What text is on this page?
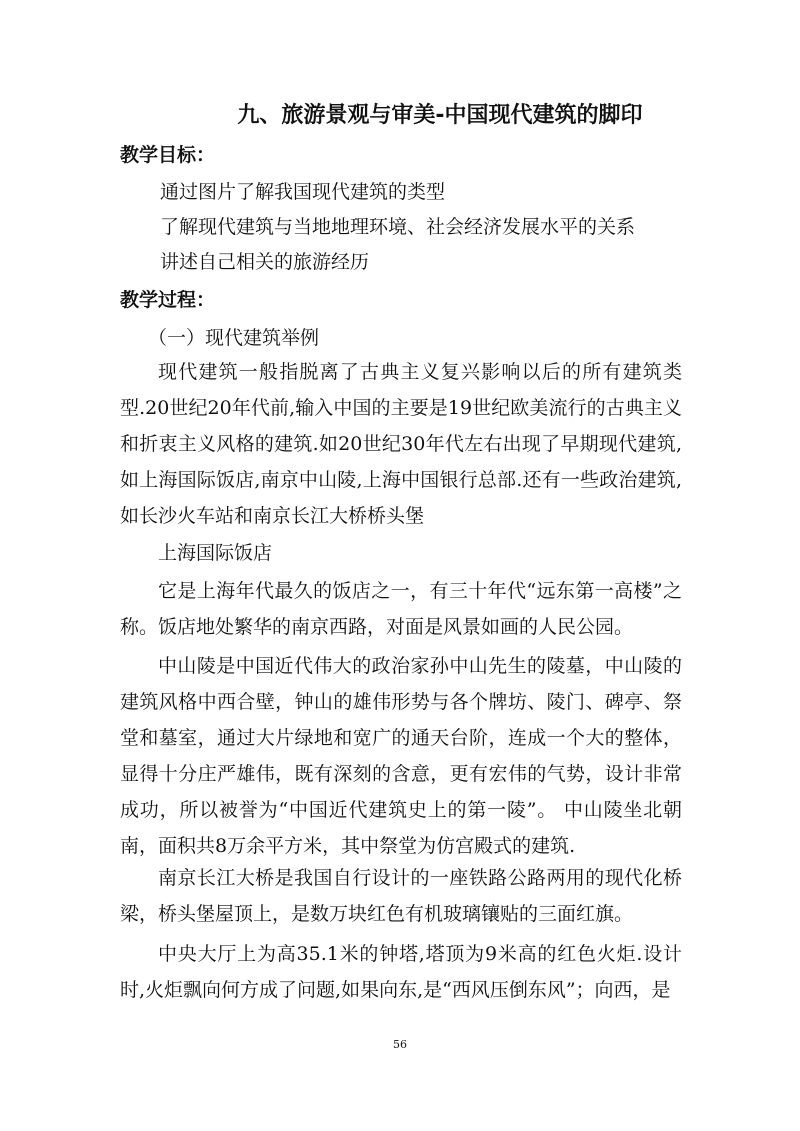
九、旅游景观与审美-中国现代建筑的脚印
教学目标：
通过图片了解我国现代建筑的类型
了解现代建筑与当地地理环境、社会经济发展水平的关系
讲述自己相关的旅游经历
教学过程：
（一）现代建筑举例

现代建筑一般指脱离了古典主义复兴影响以后的所有建筑类型.20世纪20年代前,输入中国的主要是19世纪欧美流行的古典主义和折衷主义风格的建筑.如20世纪30年代左右出现了早期现代建筑,如上海国际饭店,南京中山陵,上海中国银行总部.还有一些政治建筑,如长沙火车站和南京长江大桥桥头堡

上海国际饭店

它是上海年代最久的饭店之一，有三十年代“远东第一高楼”之称。饭店地处繁华的南京西路，对面是风景如画的人民公园。

中山陵是中国近代伟大的政治家孙中山先生的陵墓，中山陵的建筑风格中西合壁，钟山的雄伟形势与各个牌坊、陵门、碑亭、祭堂和墓室，通过大片绿地和宽广的通天台阶，连成一个大的整体，显得十分庄严雄伟，既有深刻的含意，更有宏伟的气势，设计非常成功，所以被誉为“中国近代建筑史上的第一陵”。 中山陵坐北朝南，面积共8万余平方米，其中祭堂为仿宫殿式的建筑.

南京长江大桥是我国自行设计的一座铁路公路两用的现代化桥梁，桥头堡屋顶上，是数万块红色有机玻璃镶贴的三面红旗。

中央大厅上为高35.1米的钟塔,塔顶为9米高的红色火炬.设计时,火炬飘向何方成了问题,如果向东,是“西风压倒东风”；向西，是

56
